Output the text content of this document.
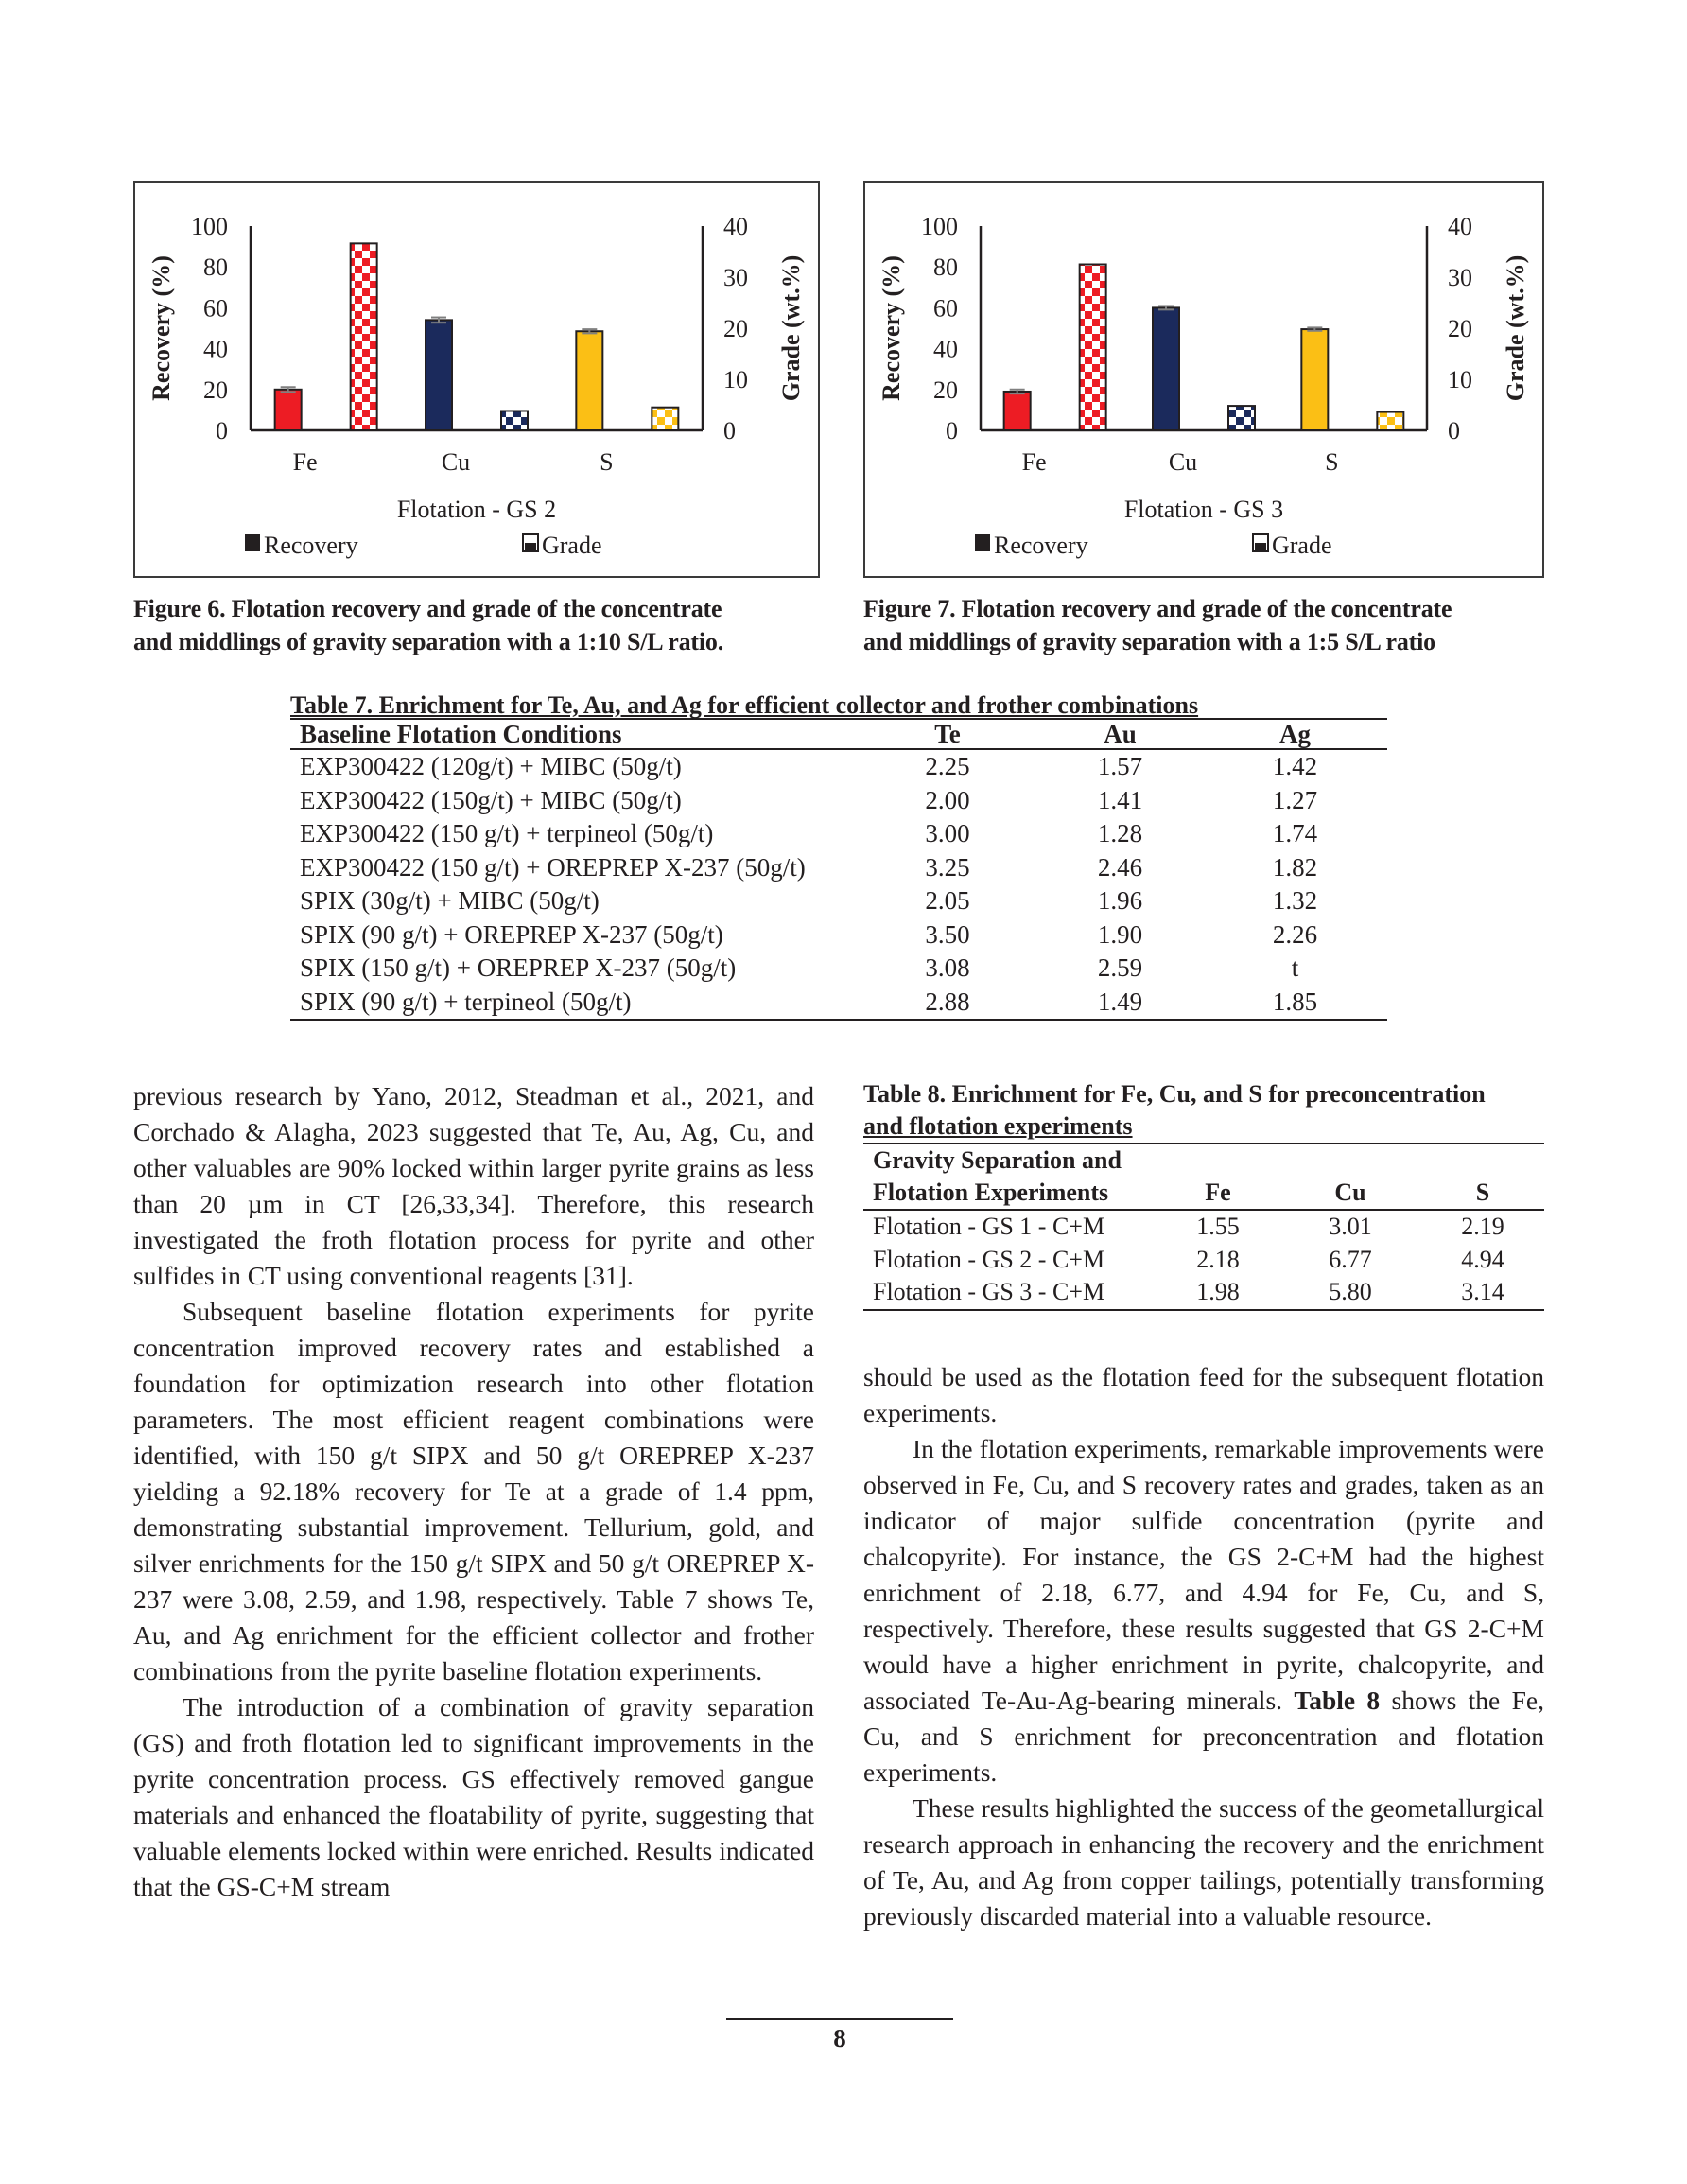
0
20
40
60
80
100
0
10
20
30
40
Recovery (%)	Grade (wt.%)
Fe	Cu	S
Flotation - GS 2
Recovery	Grade
Figure 6. Flotation recovery and grade of the concentrate
and middlings of gravity separation with a 1:10 S/L ratio.
0
20
40
60
80
100
0
10
20
30
40
Recovery (%)	Grade (wt.%)
Fe	Cu	S
Flotation - GS 3
Recovery	Grade
Figure 7. Flotation recovery and grade of the concentrate
and middlings of gravity separation with a 1:5 S/L ratio
Table 7. Enrichment for Te, Au, and Ag for efficient collector and frother combinations
Baseline Flotation Conditions	Te	Au	Ag
EXP300422 (120g/t) + MIBC (50g/t)	2.25	1.57	1.42
EXP300422 (150g/t) + MIBC (50g/t)	2.00	1.41	1.27
EXP300422 (150 g/t) + terpineol (50g/t)	3.00	1.28	1.74
EXP300422 (150 g/t) + OREPREP X-237 (50g/t)	3.25	2.46	1.82
SPIX (30g/t) + MIBC (50g/t)	2.05	1.96	1.32
SPIX (90 g/t) + OREPREP X-237 (50g/t)	3.50	1.90	2.26
SPIX (150 g/t) + OREPREP X-237 (50g/t)	3.08	2.59	t
SPIX (90 g/t) + terpineol (50g/t)	2.88	1.49	1.85

previous research by Yano, 2012, Steadman et al., 2021, and Corchado & Alagha, 2023 suggested that Te, Au, Ag, Cu, and other valuables are 90% locked within larger pyrite grains as less than 20 µm in CT [26,33,34]. Therefore, this research investigated the froth flotation process for pyrite and other sulfides in CT using conventional reagents [31].

Subsequent baseline flotation experiments for pyrite concentration improved recovery rates and established a foundation for optimization research into other flotation parameters. The most efficient reagent combinations were identified, with 150 g/t SIPX and 50 g/t OREPREP X-237 yielding a 92.18% recovery for Te at a grade of 1.4 ppm, demonstrating substantial improvement. Tellurium, gold, and silver enrichments for the 150 g/t SIPX and 50 g/t OREPREP X-237 were 3.08, 2.59, and 1.98, respectively. Table 7 shows Te, Au, and Ag enrichment for the efficient collector and frother combinations from the pyrite baseline flotation experiments.

The introduction of a combination of gravity separation (GS) and froth flotation led to significant improvements in the pyrite concentration process. GS effectively removed gangue materials and enhanced the floatability of pyrite, suggesting that valuable elements locked within were enriched. Results indicated that the GS-C+M stream

Table 8. Enrichment for Fe, Cu, and S for preconcentration
and flotation experiments
Gravity Separation and
Flotation Experiments	Fe	Cu	S
Flotation - GS 1 - C+M	1.55	3.01	2.19
Flotation - GS 2 - C+M	2.18	6.77	4.94
Flotation - GS 3 - C+M	1.98	5.80	3.14

should be used as the flotation feed for the subsequent flotation experiments.

In the flotation experiments, remarkable improvements were observed in Fe, Cu, and S recovery rates and grades, taken as an indicator of major sulfide concentration (pyrite and chalcopyrite). For instance, the GS 2-C+M had the highest enrichment of 2.18, 6.77, and 4.94 for Fe, Cu, and S, respectively. Therefore, these results suggested that GS 2-C+M would have a higher enrichment in pyrite, chalcopyrite, and associated Te-Au-Ag-bearing minerals. Table 8 shows the Fe, Cu, and S enrichment for preconcentration and flotation experiments.

These results highlighted the success of the geometallurgical research approach in enhancing the recovery and the enrichment of Te, Au, and Ag from copper tailings, potentially transforming previously discarded material into a valuable resource.

8
